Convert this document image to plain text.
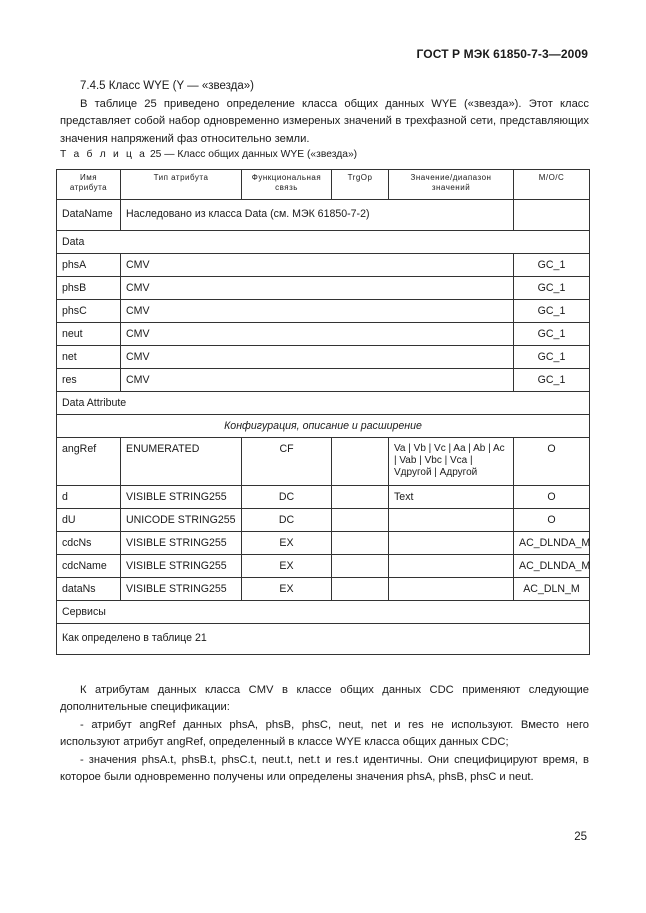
ГОСТ Р МЭК 61850-7-3—2009
7.4.5 Класс WYE (Y — «звезда»)

В таблице 25 приведено определение класса общих данных WYE («звезда»). Этот класс представляет собой набор одновременно измереных значений в трехфазной сети, представляющих значения напряжений фаз относительно земли.

Т а б л и ц а 25 — Класс общих данных WYE («звезда»)
Имя атрибута	Тип атрибута	Функциональная связь	TrgOp	Значение/диапазон значений	М/О/С
DataName	Наследовано из класса Data (см. МЭК 61850-7-2)				
Data					
phsA	CMV				GC_1
phsB	CMV				GC_1
phsC	CMV				GC_1
neut	CMV				GC_1
net	CMV				GC_1
res	CMV				GC_1
Data Attribute					
Конфигурация, описание и расширение					
angRef	ENUMERATED	CF		Va | Vb | Vc | Aa | Ab | Ac | Vab | Vbc | Vca | Vдругой | Aдругой	O
d	VISIBLE STRING255	DC		Text	O
dU	UNICODE STRING255	DC			O
cdcNs	VISIBLE STRING255	EX			AC_DLNDA_M
cdcName	VISIBLE STRING255	EX			AC_DLNDA_M
dataNs	VISIBLE STRING255	EX			AC_DLN_M
Сервисы					
Как определено в таблице 21					

К атрибутам данных класса CMV в классе общих данных CDC применяют следующие дополнительные спецификации:

- атрибут angRef данных phsA, phsB, phsC, neut, net и res не используют. Вместо него используют атрибут angRef, определенный в классе WYE класса общих данных CDC;

- значения phsA.t, phsB.t, phsC.t, neut.t, net.t и res.t идентичны. Они специфицируют время, в которое были одновременно получены или определены значения phsA, phsB, phsC и neut.

25
